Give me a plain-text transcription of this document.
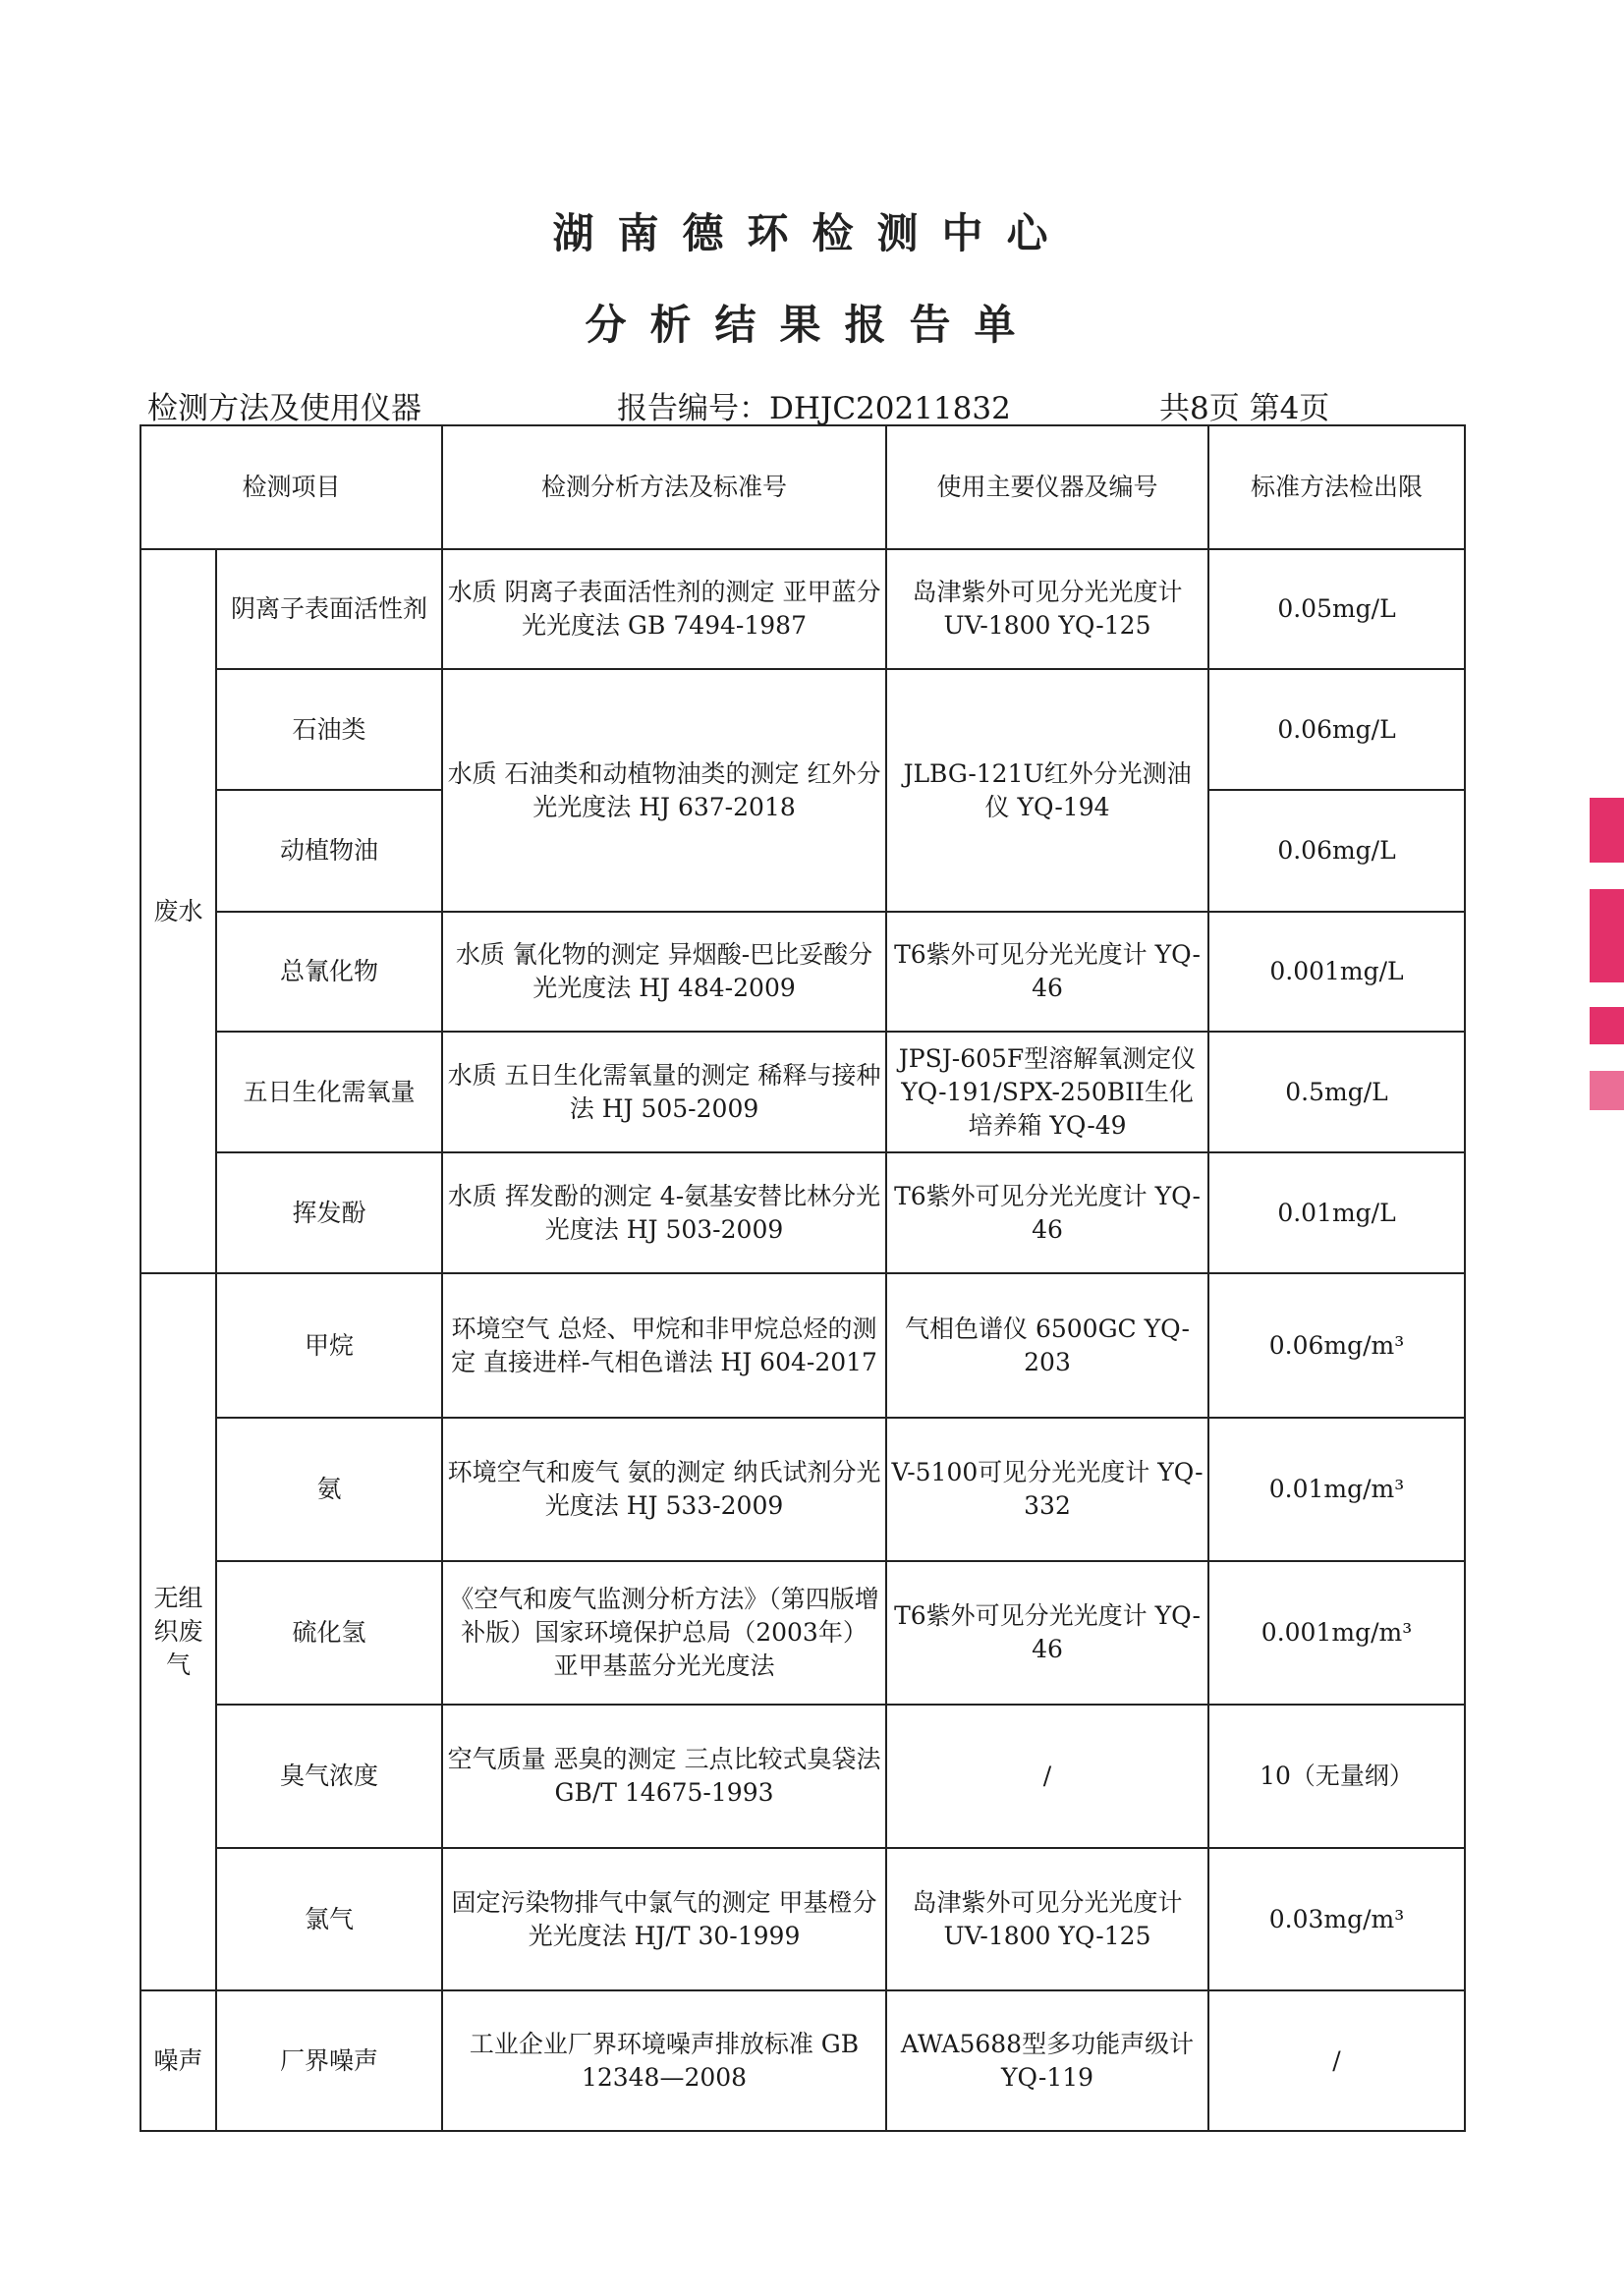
湖南德环检测中心
分析结果报告单
检测方法及使用仪器	报告编号：DHJC20211832	共8页 第4页
检测项目		检测分析方法及标准号	使用主要仪器及编号	标准方法检出限
废水	阴离子表面活性剂	水质 阴离子表面活性剂的测定 亚甲蓝分光光度法 GB 7494-1987	岛津紫外可见分光光度计 UV-1800 YQ-125	0.05mg/L
	石油类	水质 石油类和动植物油类的测定 红外分光光度法 HJ 637-2018	JLBG-121U红外分光测油仪 YQ-194	0.06mg/L
	动植物油			0.06mg/L
	总氰化物	水质 氰化物的测定 异烟酸-巴比妥酸分光光度法 HJ 484-2009	T6紫外可见分光光度计 YQ-46	0.001mg/L
	五日生化需氧量	水质 五日生化需氧量的测定 稀释与接种法 HJ 505-2009	JPSJ-605F型溶解氧测定仪 YQ-191/SPX-250BII生化培养箱 YQ-49	0.5mg/L
	挥发酚	水质 挥发酚的测定 4-氨基安替比林分光光度法 HJ 503-2009	T6紫外可见分光光度计 YQ-46	0.01mg/L
无组织废气	甲烷	环境空气 总烃、甲烷和非甲烷总烃的测定 直接进样-气相色谱法 HJ 604-2017	气相色谱仪 6500GC YQ-203	0.06mg/m³
	氨	环境空气和废气 氨的测定 纳氏试剂分光光度法 HJ 533-2009	V-5100可见分光光度计 YQ-332	0.01mg/m³
	硫化氢	《空气和废气监测分析方法》（第四版增补版）国家环境保护总局（2003年） 亚甲基蓝分光光度法	T6紫外可见分光光度计 YQ-46	0.001mg/m³
	臭气浓度	空气质量 恶臭的测定 三点比较式臭袋法 GB/T 14675-1993	/	10（无量纲）
	氯气	固定污染物排气中氯气的测定 甲基橙分光光度法 HJ/T 30-1999	岛津紫外可见分光光度计 UV-1800 YQ-125	0.03mg/m³
噪声	厂界噪声	工业企业厂界环境噪声排放标准 GB 12348—2008	AWA5688型多功能声级计 YQ-119	/
